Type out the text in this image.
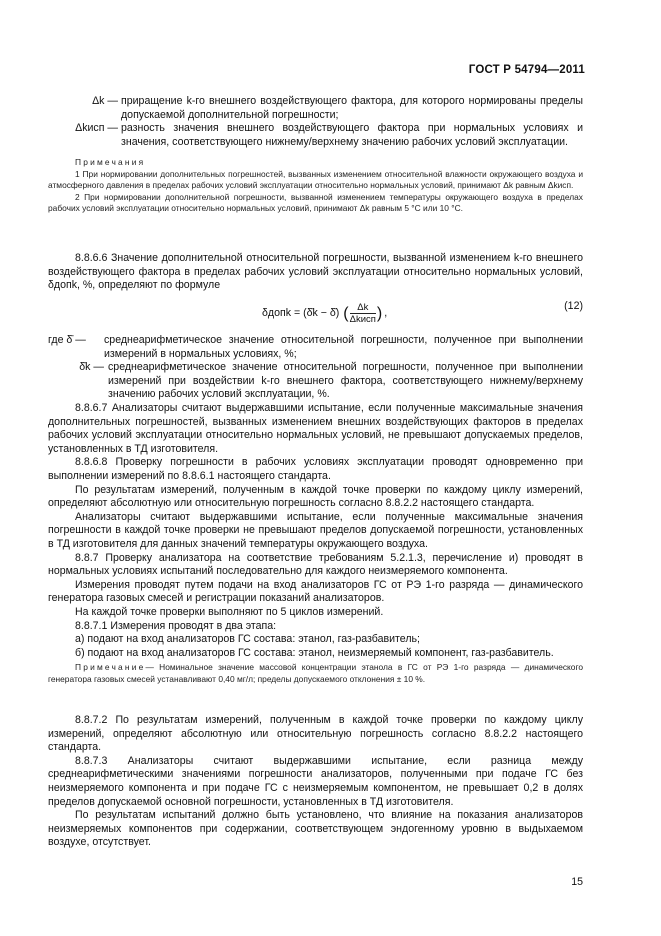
ГОСТ Р 54794—2011
Δk — приращение k-го внешнего воздействующего фактора, для которого нормированы пределы допускаемой дополнительной погрешности;
Δkисп — разность значения внешнего воздействующего фактора при нормальных условиях и значения, соответствующего нижнему/верхнему значению рабочих условий эксплуатации.
Примечания

1 При нормировании дополнительных погрешностей, вызванных изменением относительной влажности окружающего воздуха и атмосферного давления в пределах рабочих условий эксплуатации относительно нормальных условий, принимают Δk равным Δkисп.

2 При нормировании дополнительной погрешности, вызванной изменением температуры окружающего воздуха в пределах рабочих условий эксплуатации относительно нормальных условий, принимают Δk равным 5 °С или 10 °С.

8.8.6.6 Значение дополнительной относительной погрешности, вызванной изменением k-го внешнего воздействующего фактора в пределах рабочих условий эксплуатации относительно нормальных условий, δдопk, %, определяют по формуле

δдопk = (δ̄k − δ̄) ( $\frac{\Delta k}{\text{Δkисп}}$ ) ,
(12)
где δ̄ —	среднеарифметическое значение относительной погрешности, полученное при выполнении измерений в нормальных условиях, %;
δ̄k — среднеарифметическое значение относительной погрешности, полученное при выполнении измерений при воздействии k-го внешнего фактора, соответствующего нижнему/верхнему значению рабочих условий эксплуатации, %.

8.8.6.7 Анализаторы считают выдержавшими испытание, если полученные максимальные значения дополнительных погрешностей, вызванных изменением внешних воздействующих факторов в пределах рабочих условий эксплуатации относительно нормальных условий, не превышают допускаемых пределов, установленных в ТД изготовителя.

8.8.6.8 Проверку погрешности в рабочих условиях эксплуатации проводят одновременно при выполнении измерений по 8.8.6.1 настоящего стандарта.

По результатам измерений, полученным в каждой точке проверки по каждому циклу измерений, определяют абсолютную или относительную погрешность согласно 8.8.2.2 настоящего стандарта.

Анализаторы считают выдержавшими испытание, если полученные максимальные значения погрешности в каждой точке проверки не превышают пределов допускаемой погрешности, установленных в ТД изготовителя для данных значений температуры окружающего воздуха.

8.8.7 Проверку анализатора на соответствие требованиям 5.2.1.3, перечисление и) проводят в нормальных условиях испытаний последовательно для каждого неизмеряемого компонента.

Измерения проводят путем подачи на вход анализаторов ГС от РЭ 1-го разряда — динамического генератора газовых смесей и регистрации показаний анализаторов.

На каждой точке проверки выполняют по 5 циклов измерений.

8.8.7.1 Измерения проводят в два этапа:

а) подают на вход анализаторов ГС состава: этанол, газ-разбавитель;

б) подают на вход анализаторов ГС состава: этанол, неизмеряемый компонент, газ-разбавитель.

Примечание— Номинальное значение массовой концентрации этанола в ГС от РЭ 1-го разряда — динамического генератора газовых смесей устанавливают 0,40 мг/л; пределы допускаемого отклонения ± 10 %.

8.8.7.2 По результатам измерений, полученным в каждой точке проверки по каждому циклу измерений, определяют абсолютную или относительную погрешность согласно 8.8.2.2 настоящего стандарта.

8.8.7.3 Анализаторы считают выдержавшими испытание, если разница между среднеарифметическими значениями погрешности анализаторов, полученными при подаче ГС без неизмеряемого компонента и при подаче ГС с неизмеряемым компонентом, не превышает 0,2 в долях пределов допускаемой основной погрешности, установленных в ТД изготовителя.

По результатам испытаний должно быть установлено, что влияние на показания анализаторов неизмеряемых компонентов при содержании, соответствующем эндогенному уровню в выдыхаемом воздухе, отсутствует.

15
